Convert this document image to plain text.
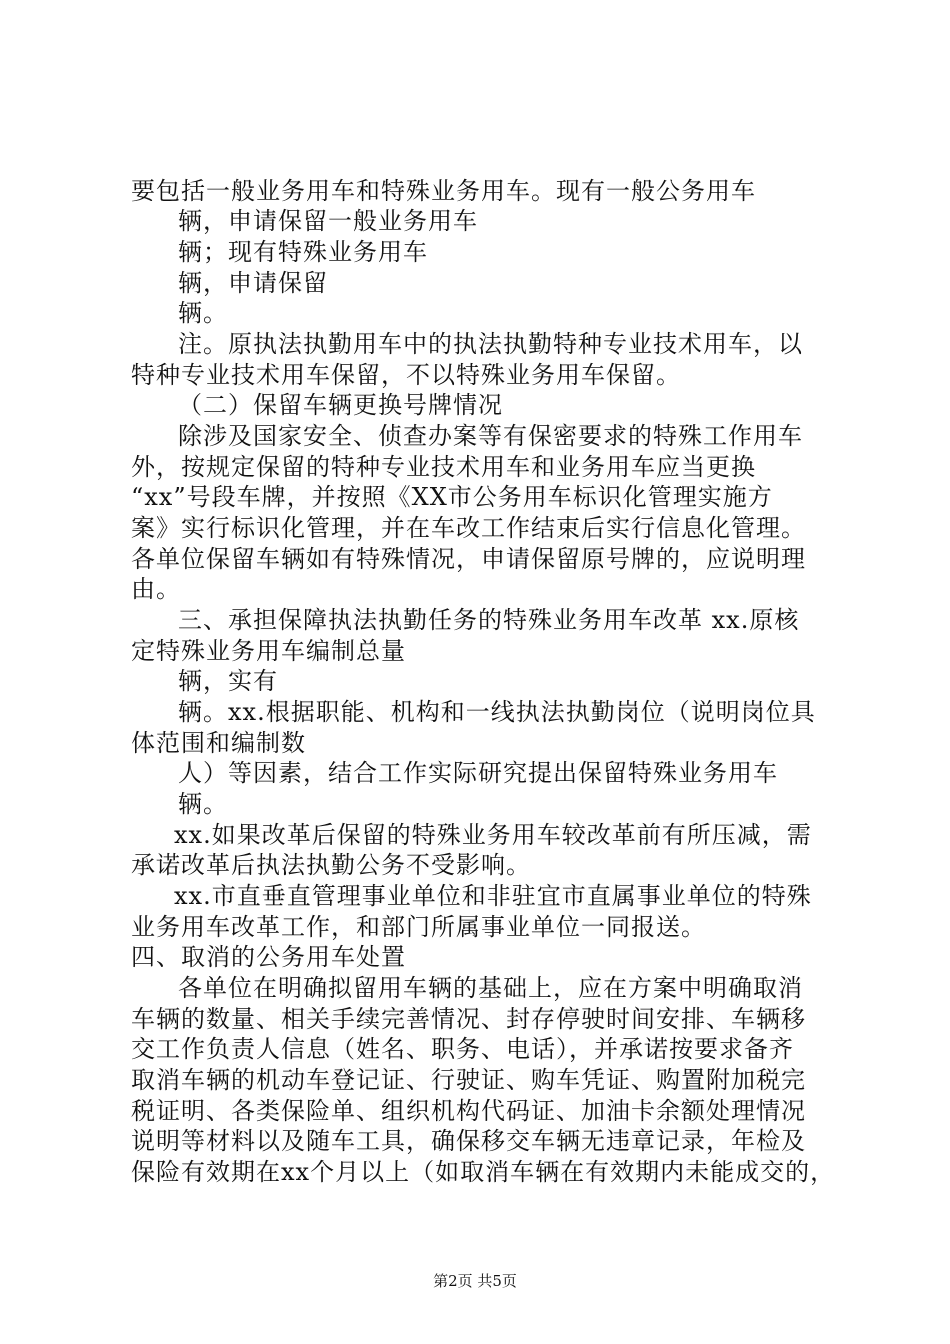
要包括一般业务用车和特殊业务用车。现有一般公务用车
辆，申请保留一般业务用车
辆；现有特殊业务用车
辆，申请保留
辆。
注。原执法执勤用车中的执法执勤特种专业技术用车，以
特种专业技术用车保留，不以特殊业务用车保留。
（二）保留车辆更换号牌情况
除涉及国家安全、侦查办案等有保密要求的特殊工作用车
外，按规定保留的特种专业技术用车和业务用车应当更换
“xx”号段车牌，并按照《XX市公务用车标识化管理实施方
案》实行标识化管理，并在车改工作结束后实行信息化管理。
各单位保留车辆如有特殊情况，申请保留原号牌的，应说明理
由。
三、承担保障执法执勤任务的特殊业务用车改革 xx.原核
定特殊业务用车编制总量
辆，实有
辆。xx.根据职能、机构和一线执法执勤岗位（说明岗位具
体范围和编制数
人）等因素，结合工作实际研究提出保留特殊业务用车
辆。
xx.如果改革后保留的特殊业务用车较改革前有所压减，需
承诺改革后执法执勤公务不受影响。
xx.市直垂直管理事业单位和非驻宜市直属事业单位的特殊
业务用车改革工作，和部门所属事业单位一同报送。
四、取消的公务用车处置
各单位在明确拟留用车辆的基础上，应在方案中明确取消
车辆的数量、相关手续完善情况、封存停驶时间安排、车辆移
交工作负责人信息（姓名、职务、电话），并承诺按要求备齐
取消车辆的机动车登记证、行驶证、购车凭证、购置附加税完
税证明、各类保险单、组织机构代码证、加油卡余额处理情况
说明等材料以及随车工具，确保移交车辆无违章记录，年检及
保险有效期在xx个月以上（如取消车辆在有效期内未能成交的，
第2页 共5页
